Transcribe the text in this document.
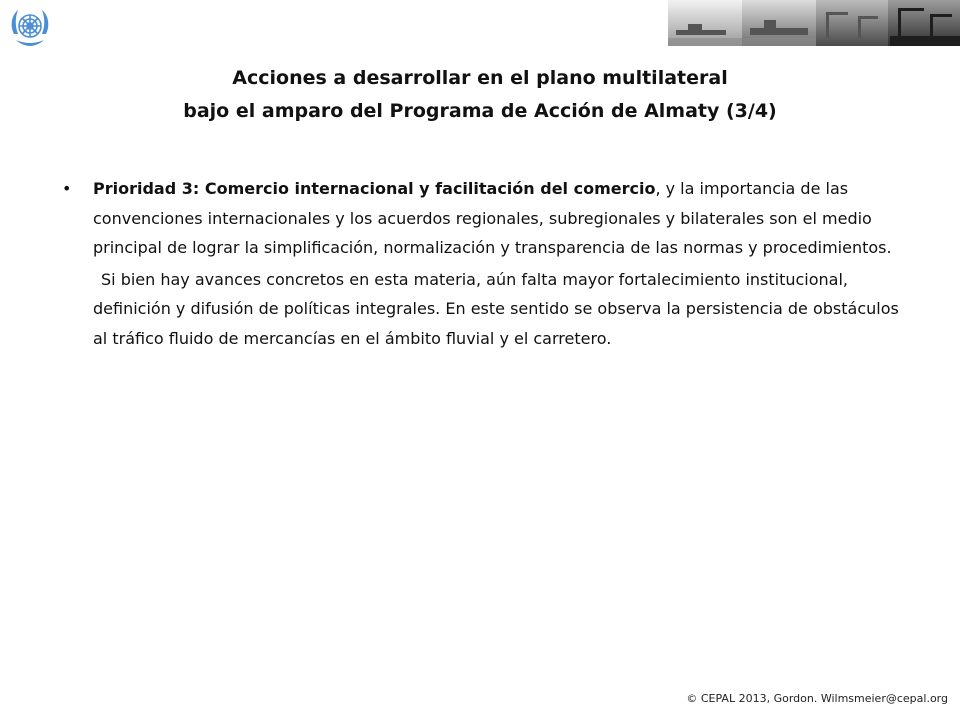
Acciones a desarrollar en el plano multilateral
bajo el amparo del Programa de Acción de Almaty (3/4)
• Prioridad 3: Comercio internacional y facilitación del comercio, y la importancia de las convenciones internacionales y los acuerdos regionales, subregionales y bilaterales son el medio principal de lograr la simplificación, normalización y transparencia de las normas y procedimientos.
Si bien hay avances concretos en esta materia, aún falta mayor fortalecimiento institucional, definición y difusión de políticas integrales. En este sentido se observa la persistencia de obstáculos al tráfico fluido de mercancías en el ámbito fluvial y el carretero.
© CEPAL 2013, Gordon. Wilmsmeier@cepal.org
